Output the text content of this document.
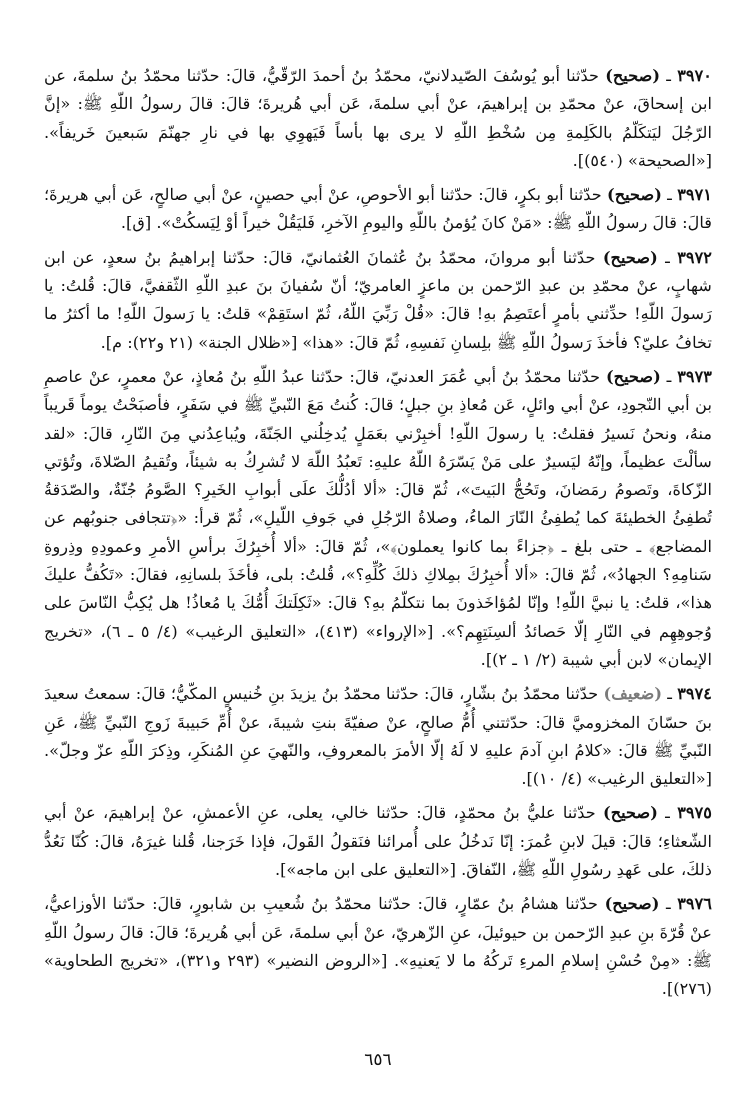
٣٩٧٠ ـ (صحيح) حدّثنا أبو يُوسُفَ الصّيدلانيّ، محمّدُ بنُ أحمدَ الرّقّيُّ، قالَ: حدّثنا محمّدُ بنُ سلمةَ، عن ابن إسحاقَ، عنْ محمّدِ بن إبراهيمَ، عنْ أبي سلمةَ، عَن أبي هُريرةَ؛ قالَ: قالَ رسولُ اللّهِ ﷺ: «إنَّ الرّجُلَ ليَتكَلّمُ بالكَلِمةِ مِن سُخْطِ اللّهِ لا يرى بها بأساً فَيَهوِي بها في نارِ جهنّمَ سَبعينَ خَريفاً». [«الصحيحة» (٥٤٠)].

٣٩٧١ ـ (صحيح) حدّثنا أبو بكرٍ، قالَ: حدّثنا أبو الأحوصِ، عنْ أبي حصينٍ، عنْ أبي صالحٍ، عَن أبي هريرةَ؛ قالَ: قالَ رسولُ اللّهِ ﷺ: «مَنْ كانَ يُؤمنُ باللّهِ واليومِ الآخرِ، فَليَقُلْ خيراً أوْ لِيَسكُتْ». [ق].

٣٩٧٢ ـ (صحيح) حدّثنا أبو مروانَ، محمّدُ بنُ عُثمانَ العُثمانيّ، قالَ: حدّثنا إبراهيمُ بنُ سعدٍ، عن ابن شهابٍ، عنْ محمّدِ بن عبدِ الرّحمن بن ماعزٍ العامريّ؛ أنّ سُفيانَ بنَ عبدِ اللّهِ الثّقفيَّ، قالَ: قُلتُ: يا رَسولَ اللّهِ! حدِّثني بأمرٍ أعتَصِمُ بهِ! قالَ: «قُلْ رَبِّيَ اللّهُ، ثُمّ استَقِمْ» قلتُ: يا رَسولَ اللّهِ! ما أكثرُ ما تخافُ عليّ؟ فأخذَ رَسولُ اللّهِ ﷺ بلِسانِ نَفسِهِ، ثُمّ قالَ: «هذا» [«ظلال الجنة» (٢١ و٢٢): م].

٣٩٧٣ ـ (صحيح) حدّثنا محمّدُ بنُ أبي عُمَرَ العدنيّ، قالَ: حدّثنا عبدُ اللّهِ بنُ مُعاذٍ، عنْ معمرٍ، عنْ عاصمِ بن أبي النّجودِ، عنْ أبي وائلٍ، عَن مُعاذِ بنِ جبلٍ؛ قالَ: كُنتُ مَعَ النّبيِّ ﷺ في سَفَرٍ، فأصبَحْتُ يوماً قَريباً منهُ، ونحنُ نَسيرُ فقلتُ: يا رسولَ اللّهِ! أخبِرْني بعَمَلٍ يُدخِلُني الجَنّةَ، ويُباعِدُني مِنَ النّارِ، قالَ: «لقد سألْتَ عظيماً، وإنّهُ ليَسيرٌ على مَنْ يَسّرَهُ اللّهُ عليهِ: تَعبُدُ اللّهَ لا تُشرِكُ به شيئاً، وتُقيمُ الصّلاةَ، وتُؤتي الزّكاةَ، وتَصومُ رمَضانَ، وتَحُجُّ البَيتَ»، ثُمّ قالَ: «ألا أدُلُّكَ علَى أبوابِ الخَيرِ؟ الصَّومُ جُنّةٌ، والصّدَقةُ تُطفِئُ الخطيئةَ كما يُطفِئُ النّارَ الماءُ، وصلاةُ الرّجُلِ في جَوفِ اللّيلِ»، ثُمّ قرأ: «﴿تتجافى جنوبُهم عن المضاجع﴾ ـ حتى بلغ ـ ﴿جزاءً بما كانوا يعملون﴾»، ثُمّ قالَ: «ألا أُخبِرُكَ برأسِ الأمرِ وعمودِهِ وذِروةِ سَنامِهِ؟ الجهادُ»، ثُمّ قالَ: «ألا أُخبِرُكَ بمِلاكِ ذلكَ كُلِّهِ؟»، قُلتُ: بلى، فأخَذَ بلسانِهِ، فقالَ: «تَكُفُّ عليكَ هذا»، قلتُ: يا نبيَّ اللّهِ! وإنّا لمُؤاخَذونَ بما نتكلّمُ بهِ؟ قالَ: «ثَكِلَتكَ أُمُّكَ يا مُعاذُ! هل يُكِبُّ النّاسَ على وُجوهِهِم في النّارِ إلّا حَصائدُ ألسِنَتِهِم؟». [«الإرواء» (٤١٣)، «التعليق الرغيب» (٤/ ٥ ـ ٦)، «تخريج الإيمان» لابن أبي شيبة (٢/ ١ ـ ٢)].

٣٩٧٤ ـ (ضعيف) حدّثنا محمّدُ بنُ بشّارٍ، قالَ: حدّثنا محمّدُ بنُ يزيدَ بنِ خُنيسٍ المكّيُّ؛ قالَ: سمعتُ سعيدَ بنَ حسّانَ المخزوميَّ قالَ: حدّثتني أُمُّ صالحٍ، عنْ صفيّةَ بنتِ شيبةَ، عنْ أُمِّ حَبيبةَ زَوجِ النّبيِّ ﷺ، عَنِ النّبيِّ ﷺ قالَ: «كلامُ ابنِ آدمَ عليهِ لا لَهُ إلّا الأمرَ بالمعروفِ، والنّهيَ عنِ المُنكَرِ، وذِكرَ اللّهِ عزّ وجلّ». [«التعليق الرغيب» (٤/ ١٠)].

٣٩٧٥ ـ (صحيح) حدّثنا عليُّ بنُ محمّدٍ، قالَ: حدّثنا خالي، يعلى، عنِ الأعمشِ، عنْ إبراهيمَ، عنْ أبي الشّعثاءِ؛ قالَ: قيلَ لابنِ عُمرَ: إنّا نَدخُلُ على أُمرائنا فنَقولُ القَولَ، فإذا خَرَجنا، قُلنا غيرَهُ، قالَ: كُنّا نَعُدُّ ذلكَ، على عَهدِ رسُولِ اللّهِ ﷺ، النّفاقَ. [«التعليق على ابن ماجه»].

٣٩٧٦ ـ (صحيح) حدّثنا هشامُ بنُ عمّارٍ، قالَ: حدّثنا محمّدُ بنُ شُعيبِ بن شابورٍ، قالَ: حدّثنا الأوزاعيُّ، عنْ قُرّةَ بنِ عبدِ الرّحمن بن حيوئيلَ، عنِ الزّهريّ، عنْ أبي سلمةَ، عَن أبي هُريرةَ؛ قالَ: قالَ رسولُ اللّهِ ﷺ: «مِنْ حُسْنِ إسلامِ المرءِ تَركُهُ ما لا يَعنيهِ». [«الروض النضير» (٢٩٣ و٣٢١)، «تخريج الطحاوية» (٢٧٦)].

٦٥٦
